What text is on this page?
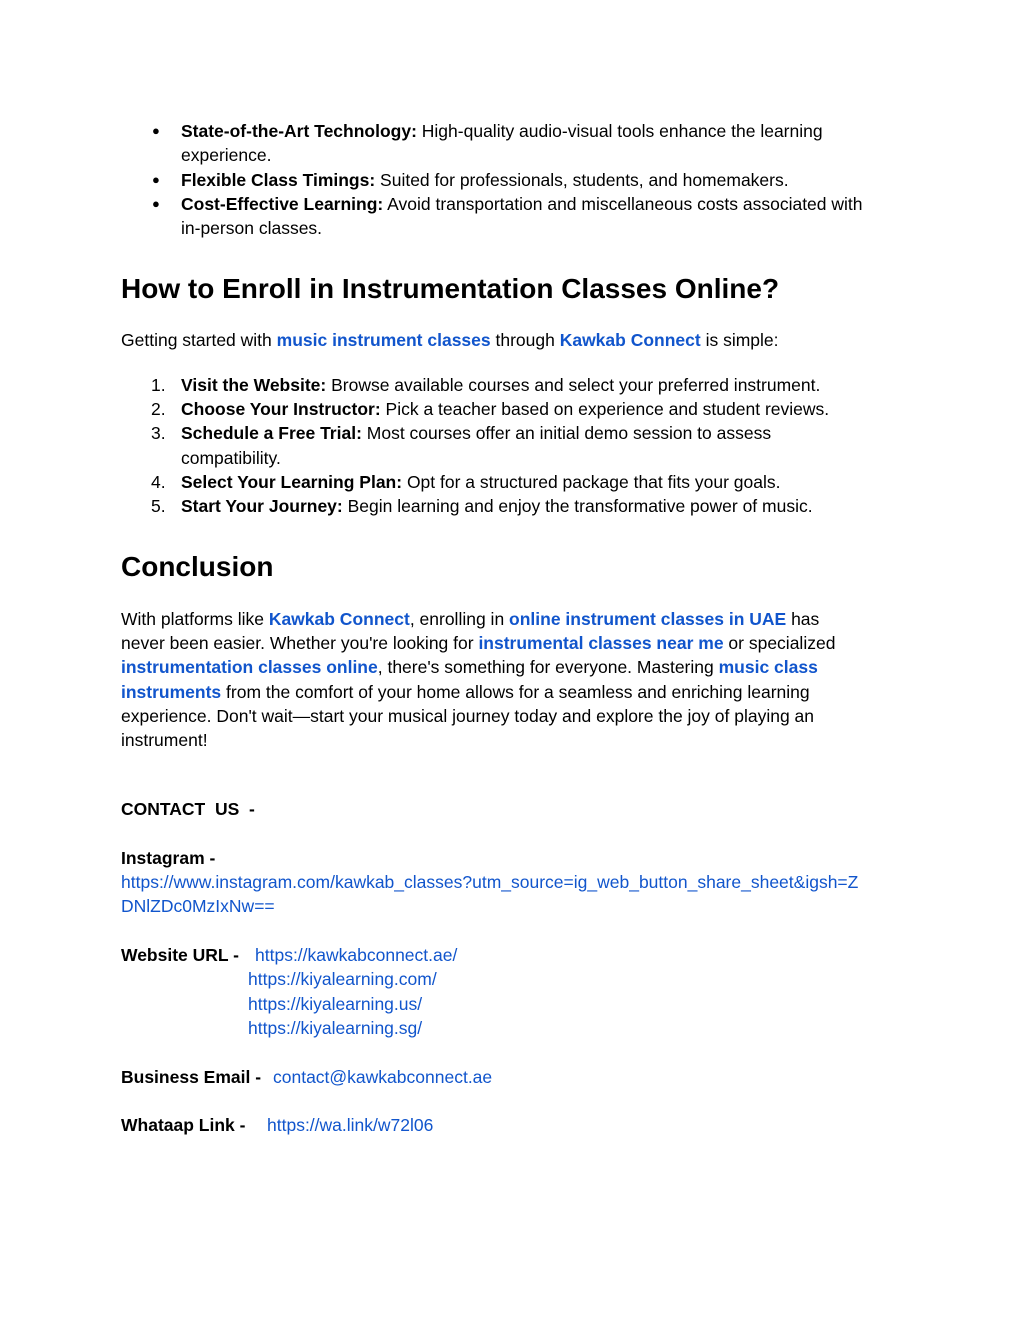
● State-of-the-Art Technology: High-quality audio-visual tools enhance the learning
experience.
● Flexible Class Timings: Suited for professionals, students, and homemakers.
● Cost-Effective Learning: Avoid transportation and miscellaneous costs associated with
in-person classes.
How to Enroll in Instrumentation Classes Online?
Getting started with music instrument classes through Kawkab Connect is simple:
1. Visit the Website: Browse available courses and select your preferred instrument.
2. Choose Your Instructor: Pick a teacher based on experience and student reviews.
3. Schedule a Free Trial: Most courses offer an initial demo session to assess
compatibility.
4. Select Your Learning Plan: Opt for a structured package that fits your goals.
5. Start Your Journey: Begin learning and enjoy the transformative power of music.
Conclusion
With platforms like Kawkab Connect, enrolling in online instrument classes in UAE has
never been easier. Whether you're looking for instrumental classes near me or specialized
instrumentation classes online, there's something for everyone. Mastering music class
instruments from the comfort of your home allows for a seamless and enriching learning
experience. Don't wait—start your musical journey today and explore the joy of playing an
instrument!
CONTACT  US  -
Instagram -
https://www.instagram.com/kawkab_classes?utm_source=ig_web_button_share_sheet&igsh=Z
DNlZDc0MzIxNw==
Website URL - https://kawkabconnect.ae/
https://kiyalearning.com/
https://kiyalearning.us/
https://kiyalearning.sg/
Business Email - contact@kawkabconnect.ae
Whataap Link - https://wa.link/w72l06
